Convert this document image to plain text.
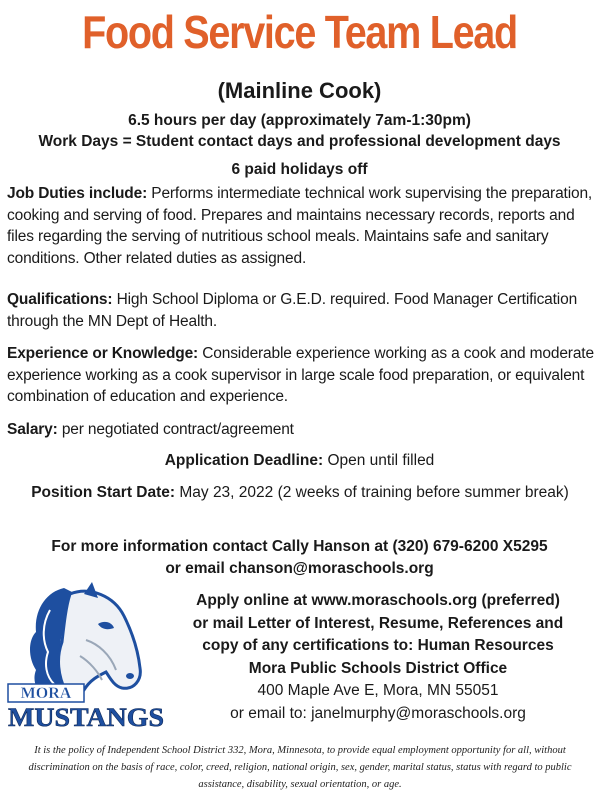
Food Service Team Lead
(Mainline Cook)
6.5 hours per day (approximately 7am-1:30pm)
Work Days = Student contact days and professional development days
6 paid holidays off
Job Duties include: Performs intermediate technical work supervising the preparation, cooking and serving of food. Prepares and maintains necessary records, reports and files regarding the serving of nutritious school meals. Maintains safe and sanitary conditions. Other related duties as assigned.
Qualifications: High School Diploma or G.E.D. required. Food Manager Certification through the MN Dept of Health.
Experience or Knowledge: Considerable experience working as a cook and moderate experience working as a cook supervisor in large scale food preparation, or equivalent combination of education and experience.
Salary: per negotiated contract/agreement
Application Deadline: Open until filled
Position Start Date: May 23, 2022 (2 weeks of training before summer break)
For more information contact Cally Hanson at (320) 679-6200 X5295
or email chanson@moraschools.org
MORA
MUSTANGS
Apply online at www.moraschools.org (preferred)
or mail Letter of Interest, Resume, References and
copy of any certifications to: Human Resources
Mora Public Schools District Office
400 Maple Ave E, Mora, MN 55051
or email to: janelmurphy@moraschools.org
It is the policy of Independent School District 332, Mora, Minnesota, to provide equal employment opportunity for all, without discrimination on the basis of race, color, creed, religion, national origin, sex, gender, marital status, status with regard to public assistance, disability, sexual orientation, or age.
